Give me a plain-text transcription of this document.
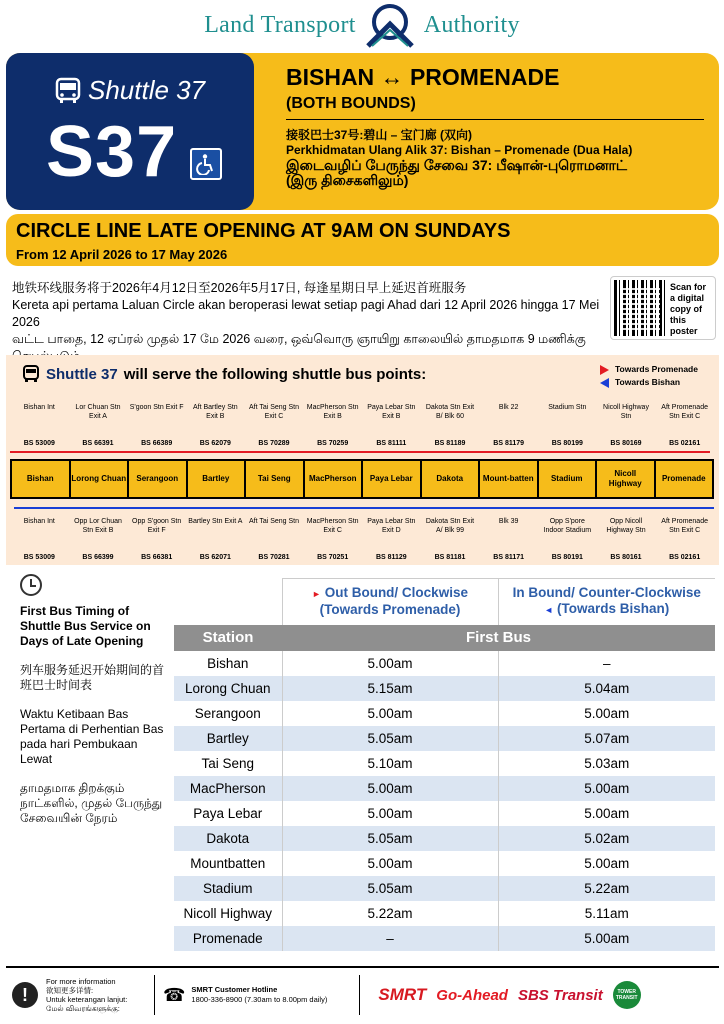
Land Transport	Authority
Shuttle 37
S37
BISHAN ↔ PROMENADE
(BOTH BOUNDS)
接驳巴士37号:碧山 – 宝门廊 (双向)
Perkhidmatan Ulang Alik 37: Bishan – Promenade (Dua Hala)
இடைவழிப் பேருந்து சேவை 37: பீஷான்-புரொமனாட்
(இரு திசைகளிலும்)
CIRCLE LINE LATE OPENING AT 9AM ON SUNDAYS
From 12 April 2026 to 17 May 2026
地铁环线服务将于2026年4月12日至2026年5月17日, 每逢星期日早上延迟首班服务
Kereta api pertama Laluan Circle akan beroperasi lewat setiap pagi Ahad dari 12 April 2026 hingga 17 Mei 2026
வட்ட பாதை, 12 ஏப்ரல் முதல் 17 மே 2026 வரை, ஒவ்வொரு ஞாயிறு காலையில் தாமதமாக 9 மணிக்கு
Scan for
a digital
copy of
this
poster
Shuttle 37 will serve the following shuttle bus points:	Towards Promenade
Towards Bishan
Bishan Int
BS 53009
Lor Chuan Stn Exit A
BS 66391
S'goon Stn Exit F
BS 66389
Aft Bartley Stn Exit B
BS 62079
Aft Tai Seng Stn Exit C
BS 70289
MacPherson Stn Exit B
BS 70259
Paya Lebar Stn Exit B
BS 81111
Dakota Stn Exit B/ Blk 60
BS 81189
Blk 22
BS 81179
Stadium Stn
BS 80199
Nicoll Highway Stn
BS 80169
Aft Promenade Stn Exit C
BS 02161
Bishan	Lorong Chuan	Serangoon	Bartley	Tai Seng	MacPherson	Paya Lebar	Dakota	Mount-batten	Stadium
Nicoll Highway
Promenade
Bishan Int
BS 53009
Opp Lor Chuan Stn Exit B
BS 66399
Opp S'goon Stn Exit F
BS 66381
Bartley Stn Exit A
BS 62071
Aft Tai Seng Stn
BS 70281
MacPherson Stn Exit C
BS 70251
Paya Lebar Stn Exit D
BS 81129
Dakota Stn Exit A/ Blk 99
BS 81181
Blk 39
BS 81171
Opp S'pore Indoor Stadium
BS 80191
Opp Nicoll Highway Stn
BS 80161
Aft Promenade Stn Exit C
BS 02161

First Bus Timing of Shuttle Bus Service on Days of Late Opening

列车服务延迟开始期间的首班巴士时间表

Waktu Ketibaan Bas Pertama di Perhentian Bas pada hari Pembukaan Lewat

தாமதமாக திறக்கும் நாட்களில், முதல் பேருந்து சேவையின் நேரம்

	► Out Bound/ Clockwise
(Towards Promenade)	In Bound/ Counter-Clockwise
◄ (Towards Bishan)
Station	First Bus	
Bishan	5.00am	–
Lorong Chuan	5.15am	5.04am
Serangoon	5.00am	5.00am
Bartley	5.05am	5.07am
Tai Seng	5.10am	5.03am
MacPherson	5.00am	5.00am
Paya Lebar	5.00am	5.00am
Dakota	5.05am	5.02am
Mountbatten	5.00am	5.00am
Stadium	5.05am	5.22am
Nicoll Highway	5.22am	5.11am
Promenade	–	5.00am
!
For more information
欲知更多详情:
Untuk keterangan lanjut:
மேல் விவரங்களுக்கு:
☎ SMRT Customer Hotline
1800-336-8900 (7.30am to 8.00pm daily)	SMRT Go-Ahead SBS Transit	TOWER TRANSIT
